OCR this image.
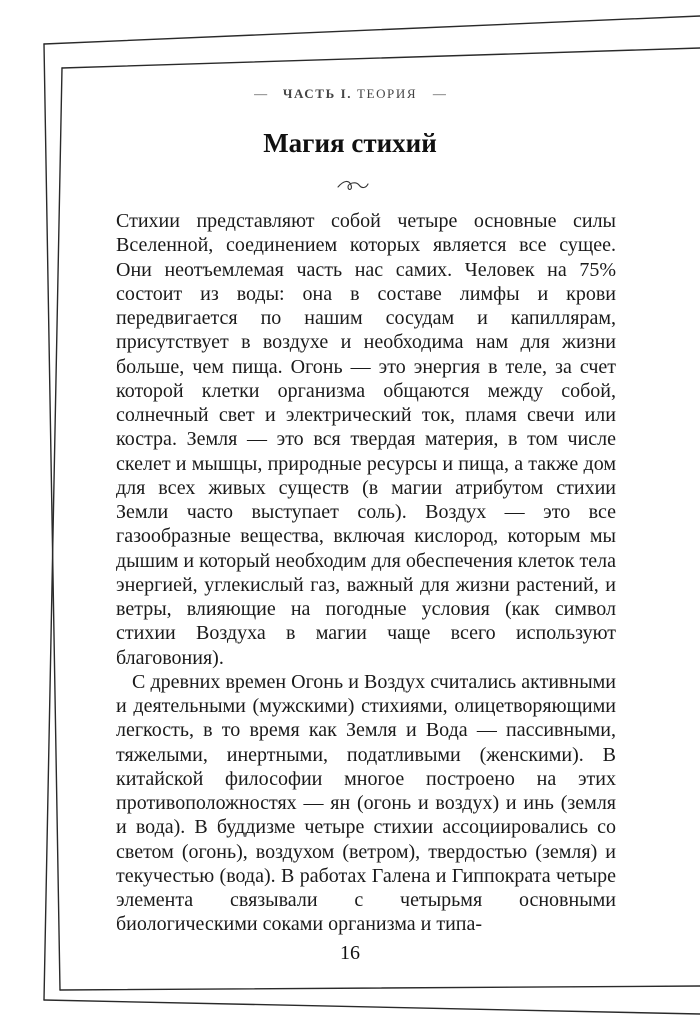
— ЧАСТЬ I. ТЕОРИЯ —
Магия стихий

Стихии представляют собой четыре основные силы Вселенной, соединением которых является все сущее. Они неотъемлемая часть нас самих. Человек на 75% состоит из воды: она в составе лимфы и крови передвигается по нашим сосудам и капиллярам, присутствует в воздухе и необходима нам для жизни больше, чем пища. Огонь — это энергия в теле, за счет которой клетки организма общаются между собой, солнечный свет и электрический ток, пламя свечи или костра. Земля — это вся твердая материя, в том числе скелет и мышцы, природные ресурсы и пища, а также дом для всех живых существ (в магии атрибутом стихии Земли часто выступает соль). Воздух — это все газообразные вещества, включая кислород, которым мы дышим и который необходим для обеспечения клеток тела энергией, углекислый газ, важный для жизни растений, и ветры, влияющие на погодные условия (как символ стихии Воздуха в магии чаще всего используют благовония).

С древних времен Огонь и Воздух считались активными и деятельными (мужскими) стихиями, олицетворяющими легкость, в то время как Земля и Вода — пассивными, тяжелыми, инертными, податливыми (женскими). В китайской философии многое построено на этих противоположностях — ян (огонь и воздух) и инь (земля и вода). В буддизме четыре стихии ассоциировались со светом (огонь), воздухом (ветром), твердостью (земля) и текучестью (вода). В работах Галена и Гиппократа четыре элемента связывали с четырьмя основными биологическими соками организма и типа-

16
